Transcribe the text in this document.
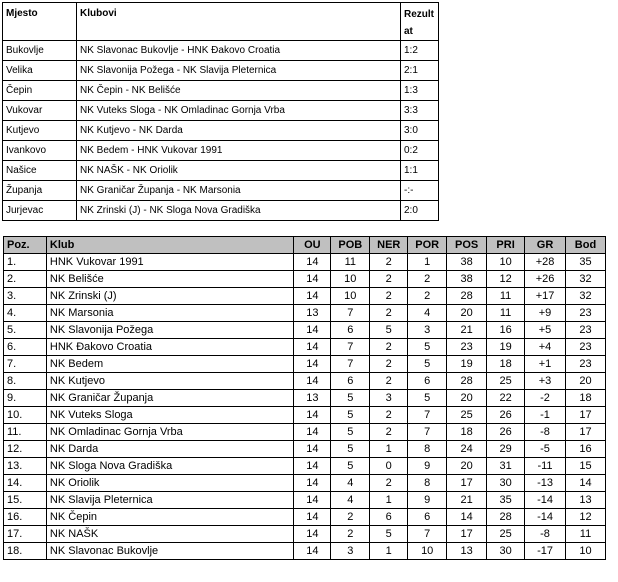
Mjesto	Klubovi	Rezult
at
Bukovlje	NK Slavonac Bukovlje - HNK Đakovo Croatia	1:2
Velika	NK Slavonija Požega - NK Slavija Pleternica	2:1
Čepin	NK Čepin - NK Belišće	1:3
Vukovar	NK Vuteks Sloga - NK Omladinac Gornja Vrba	3:3
Kutjevo	NK Kutjevo - NK Darda	3:0
Ivankovo	NK Bedem - HNK Vukovar 1991	0:2
Našice	NK NAŠK - NK Oriolik	1:1
Županja	NK Graničar Županja - NK Marsonia	-:-
Jurjevac	NK Zrinski (J) - NK Sloga Nova Gradiška	2:0
Poz.	Klub	OU	POB	NER	POR	POS	PRI	GR	Bod
1.	HNK Vukovar 1991	14	11	2	1	38	10	+28	35
2.	NK Belišće	14	10	2	2	38	12	+26	32
3.	NK Zrinski (J)	14	10	2	2	28	11	+17	32
4.	NK Marsonia	13	7	2	4	20	11	+9	23
5.	NK Slavonija Požega	14	6	5	3	21	16	+5	23
6.	HNK Đakovo Croatia	14	7	2	5	23	19	+4	23
7.	NK Bedem	14	7	2	5	19	18	+1	23
8.	NK Kutjevo	14	6	2	6	28	25	+3	20
9.	NK Graničar Županja	13	5	3	5	20	22	-2	18
10.	NK Vuteks Sloga	14	5	2	7	25	26	-1	17
11.	NK Omladinac Gornja Vrba	14	5	2	7	18	26	-8	17
12.	NK Darda	14	5	1	8	24	29	-5	16
13.	NK Sloga Nova Gradiška	14	5	0	9	20	31	-11	15
14.	NK Oriolik	14	4	2	8	17	30	-13	14
15.	NK Slavija Pleternica	14	4	1	9	21	35	-14	13
16.	NK Čepin	14	2	6	6	14	28	-14	12
17.	NK NAŠK	14	2	5	7	17	25	-8	11
18.	NK Slavonac Bukovlje	14	3	1	10	13	30	-17	10
